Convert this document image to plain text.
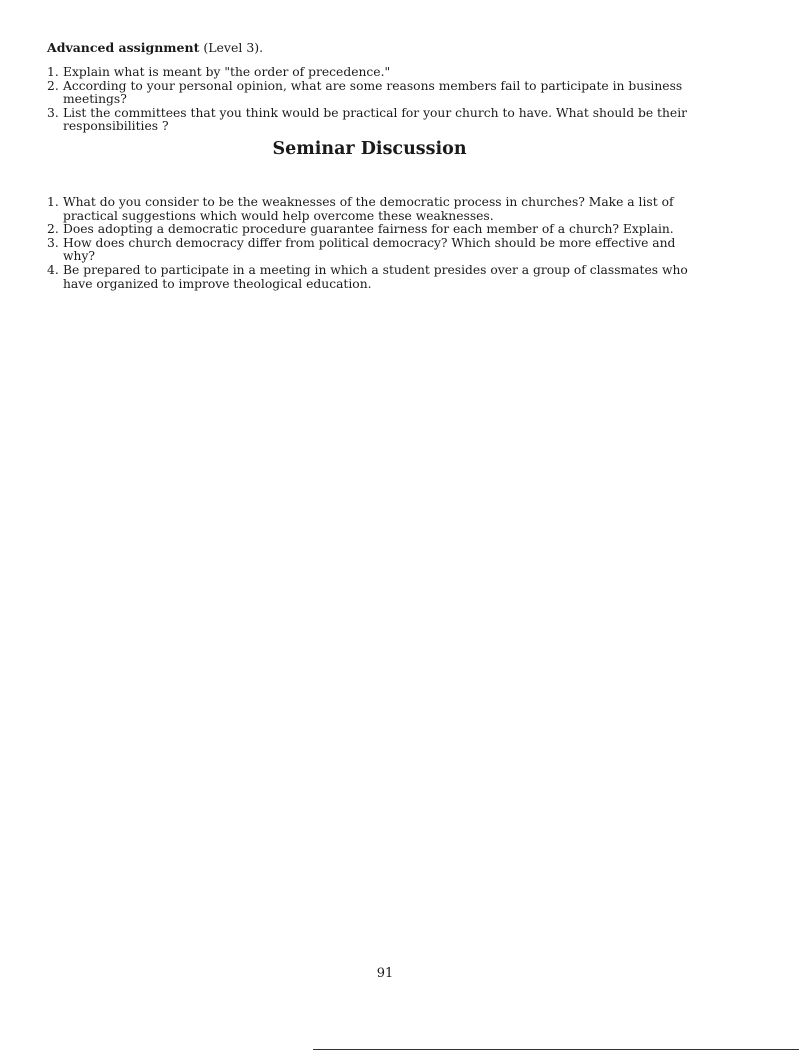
Advanced assignment (Level 3).
1. Explain what is meant by "the order of precedence."
2. According to your personal opinion, what are some reasons members fail to participate in business meetings?
3. List the committees that you think would be practical for your church to have. What should be their responsibilities ?
Seminar Discussion
1. What do you consider to be the weaknesses of the democratic process in churches? Make a list of practical suggestions which would help overcome these weaknesses.
2. Does adopting a democratic procedure guarantee fairness for each member of a church? Explain.
3. How does church democracy differ from political democracy? Which should be more effective and why?
4. Be prepared to participate in a meeting in which a student presides over a group of classmates who have organized to improve theological education.
91
